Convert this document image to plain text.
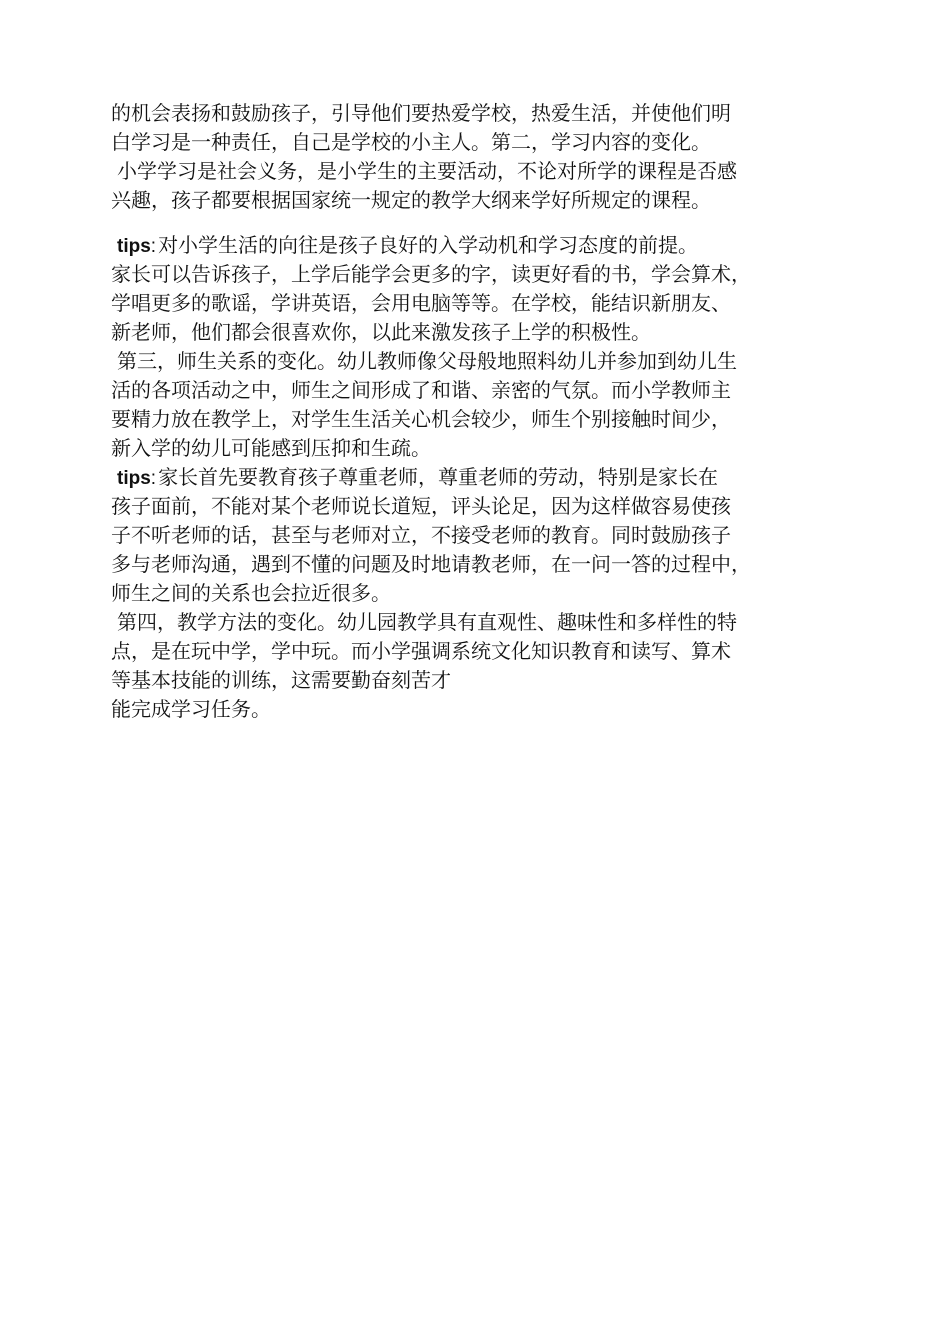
的机会表扬和鼓励孩子，引导他们要热爱学校，热爱生活，并使他们明
白学习是一种责任，自己是学校的小主人。第二，学习内容的变化。
小学学习是社会义务，是小学生的主要活动，不论对所学的课程是否感
兴趣，孩子都要根据国家统一规定的教学大纲来学好所规定的课程。
tips: 对小学生活的向往是孩子良好的入学动机和学习态度的前提。
家长可以告诉孩子，上学后能学会更多的字，读更好看的书，学会算术，
学唱更多的歌谣，学讲英语，会用电脑等等。在学校，能结识新朋友、
新老师，他们都会很喜欢你，以此来激发孩子上学的积极性。
第三，师生关系的变化。幼儿教师像父母般地照料幼儿并参加到幼儿生
活的各项活动之中，师生之间形成了和谐、亲密的气氛。而小学教师主
要精力放在教学上，对学生生活关心机会较少，师生个别接触时间少，
新入学的幼儿可能感到压抑和生疏。
tips: 家长首先要教育孩子尊重老师，尊重老师的劳动，特别是家长在
孩子面前，不能对某个老师说长道短，评头论足，因为这样做容易使孩
子不听老师的话，甚至与老师对立，不接受老师的教育。同时鼓励孩子
多与老师沟通，遇到不懂的问题及时地请教老师，在一问一答的过程中，
师生之间的关系也会拉近很多。
第四，教学方法的变化。幼儿园教学具有直观性、趣味性和多样性的特
点，是在玩中学，学中玩。而小学强调系统文化知识教育和读写、算术
等基本技能的训练，这需要勤奋刻苦才
能完成学习任务。
